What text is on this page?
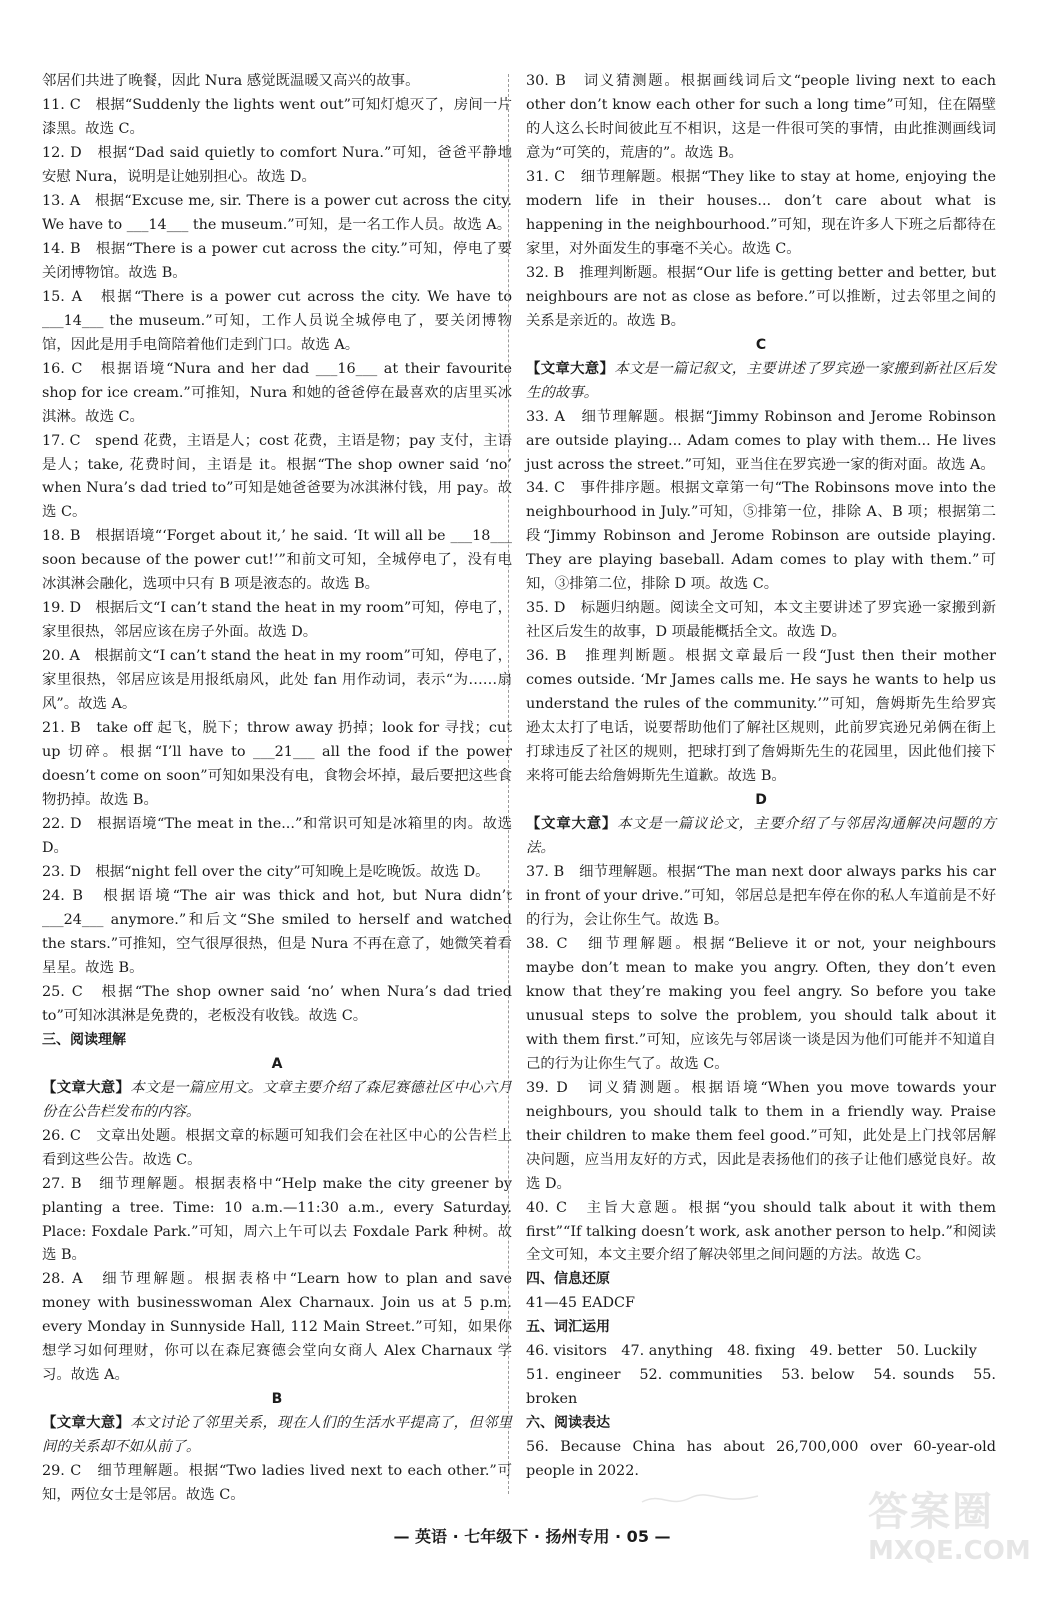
邻居们共进了晚餐，因此 Nura 感觉既温暖又高兴的故事。

11. C　根据“Suddenly the lights went out”可知灯熄灭了，房间一片漆黑。故选 C。

12. D　根据“Dad said quietly to comfort Nura.”可知，爸爸平静地安慰 Nura，说明是让她别担心。故选 D。

13. A　根据“Excuse me, sir. There is a power cut across the city. We have to ___14___ the museum.”可知，是一名工作人员。故选 A。

14. B　根据“There is a power cut across the city.”可知，停电了要关闭博物馆。故选 B。

15. A　根据“There is a power cut across the city. We have to ___14___ the museum.”可知，工作人员说全城停电了，要关闭博物馆，因此是用手电筒陪着他们走到门口。故选 A。

16. C　根据语境“Nura and her dad ___16___ at their favourite shop for ice cream.”可推知，Nura 和她的爸爸停在最喜欢的店里买冰淇淋。故选 C。

17. C　spend 花费，主语是人；cost 花费，主语是物；pay 支付，主语是人；take, 花费时间，主语是 it。根据“The shop owner said ‘no’ when Nura’s dad tried to”可知是她爸爸要为冰淇淋付钱，用 pay。故选 C。

18. B　根据语境“‘Forget about it,’ he said. ‘It will all be ___18___ soon because of the power cut!’”和前文可知，全城停电了，没有电冰淇淋会融化，选项中只有 B 项是液态的。故选 B。

19. D　根据后文“I can’t stand the heat in my room”可知，停电了，家里很热，邻居应该在房子外面。故选 D。

20. A　根据前文“I can’t stand the heat in my room”可知，停电了，家里很热，邻居应该是用报纸扇风，此处 fan 用作动词，表示“为……扇风”。故选 A。

21. B　take off 起飞，脱下；throw away 扔掉；look for 寻找；cut up 切碎。根据“I’ll have to ___21___ all the food if the power doesn’t come on soon”可知如果没有电，食物会坏掉，最后要把这些食物扔掉。故选 B。

22. D　根据语境“The meat in the...”和常识可知是冰箱里的肉。故选 D。

23. D　根据“night fell over the city”可知晚上是吃晚饭。故选 D。

24. B　根据语境“The air was thick and hot, but Nura didn’t ___24___ anymore.”和后文“She smiled to herself and watched the stars.”可推知，空气很厚很热，但是 Nura 不再在意了，她微笑着看星星。故选 B。

25. C　根据“The shop owner said ‘no’ when Nura’s dad tried to”可知冰淇淋是免费的，老板没有收钱。故选 C。

三、阅读理解

A

【文章大意】本文是一篇应用文。文章主要介绍了森尼赛德社区中心六月份在公告栏发布的内容。

26. C　文章出处题。根据文章的标题可知我们会在社区中心的公告栏上看到这些公告。故选 C。

27. B　细节理解题。根据表格中“Help make the city greener by planting a tree. Time: 10 a.m.—11:30 a.m., every Saturday. Place: Foxdale Park.”可知，周六上午可以去 Foxdale Park 种树。故选 B。

28. A　细节理解题。根据表格中“Learn how to plan and save money with businesswoman Alex Charnaux. Join us at 5 p.m. every Monday in Sunnyside Hall, 112 Main Street.”可知，如果你想学习如何理财，你可以在森尼赛德会堂向女商人 Alex Charnaux 学习。故选 A。

B

【文章大意】本文讨论了邻里关系，现在人们的生活水平提高了，但邻里间的关系却不如从前了。

29. C　细节理解题。根据“Two ladies lived next to each other.”可知，两位女士是邻居。故选 C。

30. B　词义猜测题。根据画线词后文“people living next to each other don’t know each other for such a long time”可知，住在隔壁的人这么长时间彼此互不相识，这是一件很可笑的事情，由此推测画线词意为“可笑的，荒唐的”。故选 B。

31. C　细节理解题。根据“They like to stay at home, enjoying the modern life in their houses... don’t care about what is happening in the neighbourhood.”可知，现在许多人下班之后都待在家里，对外面发生的事毫不关心。故选 C。

32. B　推理判断题。根据“Our life is getting better and better, but neighbours are not as close as before.”可以推断，过去邻里之间的关系是亲近的。故选 B。

C

【文章大意】本文是一篇记叙文，主要讲述了罗宾逊一家搬到新社区后发生的故事。

33. A　细节理解题。根据“Jimmy Robinson and Jerome Robinson are outside playing... Adam comes to play with them... He lives just across the street.”可知，亚当住在罗宾逊一家的街对面。故选 A。

34. C　事件排序题。根据文章第一句“The Robinsons move into the neighbourhood in July.”可知，⑤排第一位，排除 A、B 项；根据第二段“Jimmy Robinson and Jerome Robinson are outside playing. They are playing baseball. Adam comes to play with them.”可知，③排第二位，排除 D 项。故选 C。

35. D　标题归纳题。阅读全文可知，本文主要讲述了罗宾逊一家搬到新社区后发生的故事，D 项最能概括全文。故选 D。

36. B　推理判断题。根据文章最后一段“Just then their mother comes outside. ‘Mr James calls me. He says he wants to help us understand the rules of the community.’”可知，詹姆斯先生给罗宾逊太太打了电话，说要帮助他们了解社区规则，此前罗宾逊兄弟俩在街上打球违反了社区的规则，把球打到了詹姆斯先生的花园里，因此他们接下来将可能去给詹姆斯先生道歉。故选 B。

D

【文章大意】本文是一篇议论文，主要介绍了与邻居沟通解决问题的方法。

37. B　细节理解题。根据“The man next door always parks his car in front of your drive.”可知，邻居总是把车停在你的私人车道前是不好的行为，会让你生气。故选 B。

38. C　细节理解题。根据“Believe it or not, your neighbours maybe don’t mean to make you angry. Often, they don’t even know that they’re making you feel angry. So before you take unusual steps to solve the problem, you should talk about it with them first.”可知，应该先与邻居谈一谈是因为他们可能并不知道自己的行为让你生气了。故选 C。

39. D　词义猜测题。根据语境“When you move towards your neighbours, you should talk to them in a friendly way. Praise their children to make them feel good.”可知，此处是上门找邻居解决问题，应当用友好的方式，因此是表扬他们的孩子让他们感觉良好。故选 D。

40. C　主旨大意题。根据“you should talk about it with them first”“If talking doesn’t work, ask another person to help.”和阅读全文可知，本文主要介绍了解决邻里之间问题的方法。故选 C。

四、信息还原

41—45 EADCF

五、词汇运用

46. visitors　47. anything　48. fixing　49. better　50. Luckily

51. engineer　52. communities　53. below　54. sounds　55. broken

六、阅读表达

56. Because China has about 26,700,000 over 60-year-old people in 2022.

— 英语 · 七年级下 · 扬州专用 · 05 —
答案圈
MXQE.COM
